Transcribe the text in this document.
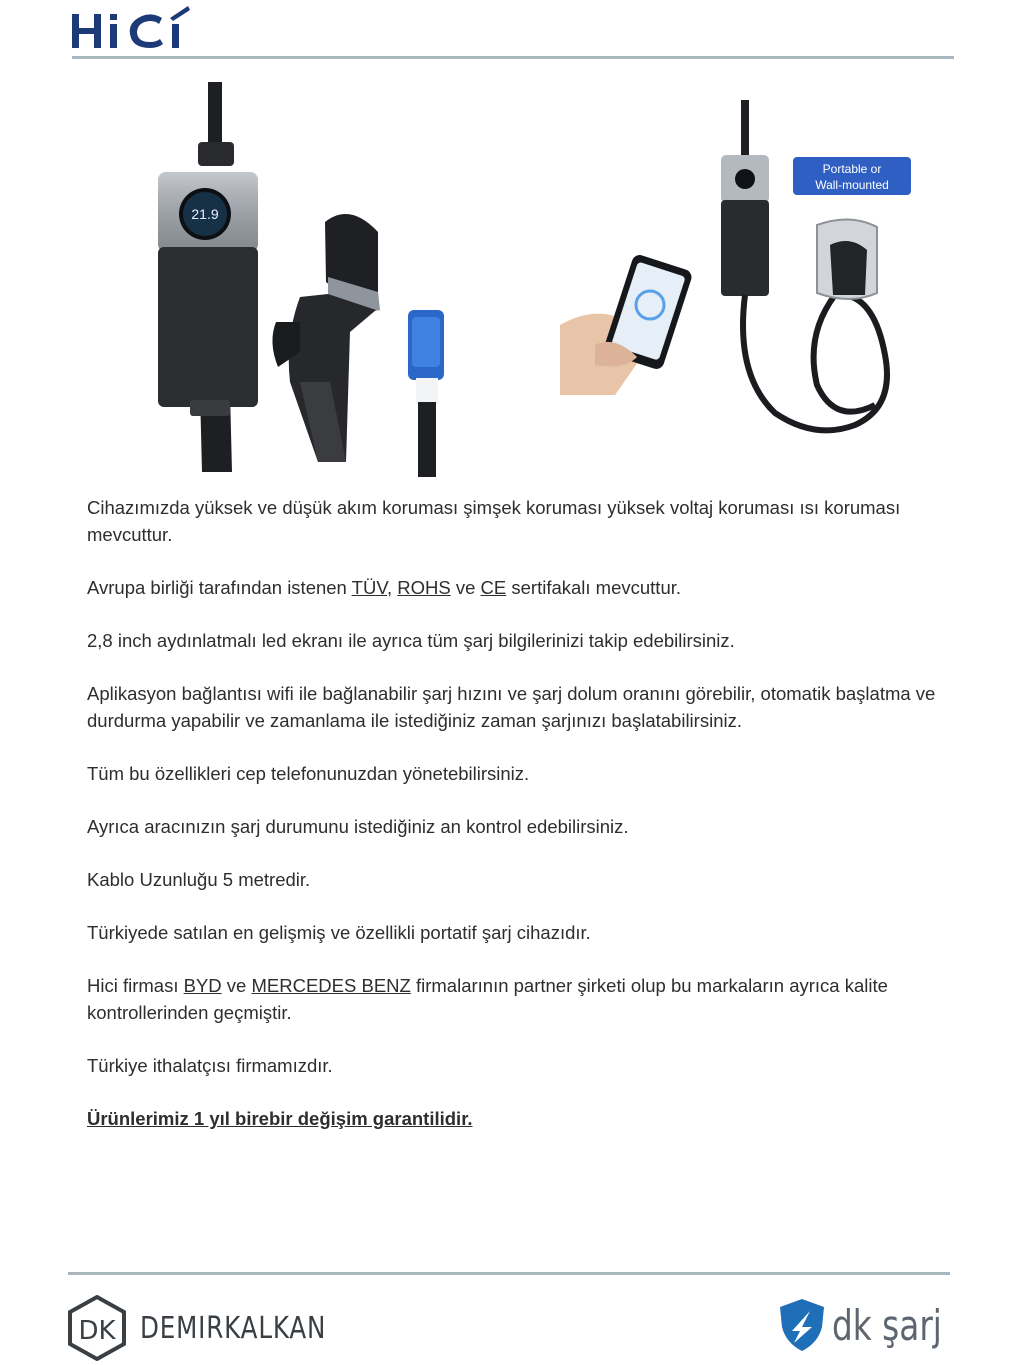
HiCi
21.9
Portable or
Wall-mounted

Cihazımızda yüksek ve düşük akım koruması şimşek koruması yüksek voltaj koruması ısı koruması mevcuttur.

Avrupa birliği tarafından istenen TÜV, ROHS ve CE sertifakalı mevcuttur.

2,8 inch aydınlatmalı led ekranı ile ayrıca tüm şarj bilgilerinizi takip edebilirsiniz.

Aplikasyon bağlantısı wifi ile bağlanabilir şarj hızını ve şarj dolum oranını görebilir, otomatik başlatma ve durdurma yapabilir ve zamanlama ile istediğiniz zaman şarjınızı başlatabilirsiniz.

Tüm bu özellikleri cep telefonunuzdan yönetebilirsiniz.

Ayrıca aracınızın şarj durumunu istediğiniz an kontrol edebilirsiniz.

Kablo Uzunluğu 5 metredir.

Türkiyede satılan en gelişmiş ve özellikli portatif şarj cihazıdır.

Hici firması BYD ve MERCEDES BENZ firmalarının partner şirketi olup bu markaların ayrıca kalite kontrollerinden geçmiştir.

Türkiye ithalatçısı firmamızdır.

Ürünlerimiz 1 yıl birebir değişim garantilidir.

DK DEMIRKALKAN	dk şarj
